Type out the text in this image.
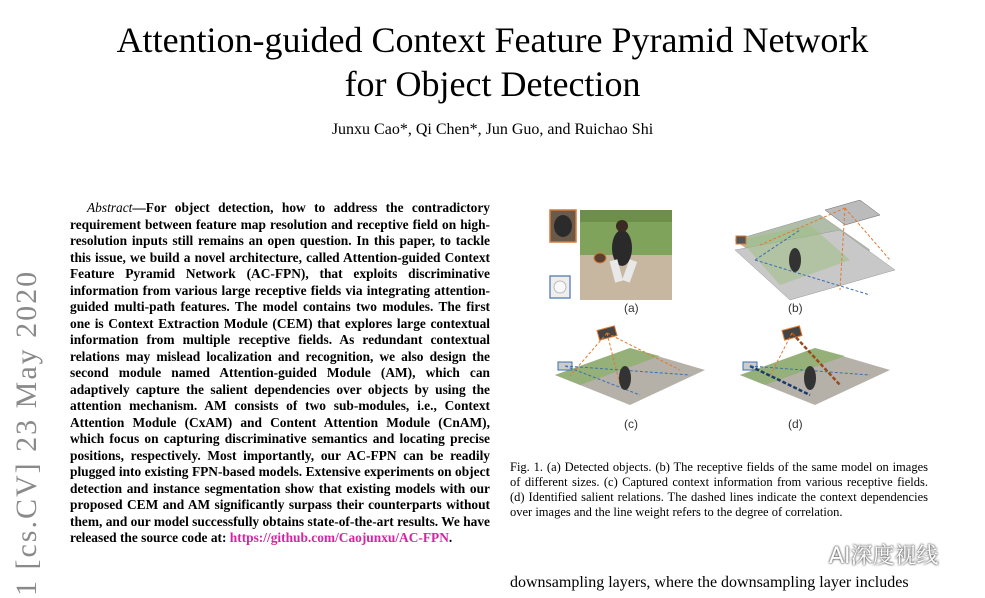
Attention-guided Context Feature Pyramid Network
for Object Detection
Junxu Cao*, Qi Chen*, Jun Guo, and Ruichao Shi
1 [cs.CV] 23 May 2020
Abstract—For object detection, how to address the contradictory requirement between feature map resolution and receptive field on high-resolution inputs still remains an open question. In this paper, to tackle this issue, we build a novel architecture, called Attention-guided Context Feature Pyramid Network (AC-FPN), that exploits discriminative information from various large receptive fields via integrating attention-guided multi-path features. The model contains two modules. The first one is Context Extraction Module (CEM) that explores large contextual information from multiple receptive fields. As redundant contextual relations may mislead localization and recognition, we also design the second module named Attention-guided Module (AM), which can adaptively capture the salient dependencies over objects by using the attention mechanism. AM consists of two sub-modules, i.e., Context Attention Module (CxAM) and Content Attention Module (CnAM), which focus on capturing discriminative semantics and locating precise positions, respectively. Most importantly, our AC-FPN can be readily plugged into existing FPN-based models. Extensive experiments on object detection and instance segmentation show that existing models with our proposed CEM and AM significantly surpass their counterparts without them, and our model successfully obtains state-of-the-art results. We have released the source code at: https://github.com/Caojunxu/AC-FPN.
(a)	(b)
(c)	(d)
Fig. 1. (a) Detected objects. (b) The receptive fields of the same model on images of different sizes. (c) Captured context information from various receptive fields. (d) Identified salient relations. The dashed lines indicate the context dependencies over images and the line weight refers to the degree of correlation.
downsampling layers, where the downsampling layer includes
AI深度视线
